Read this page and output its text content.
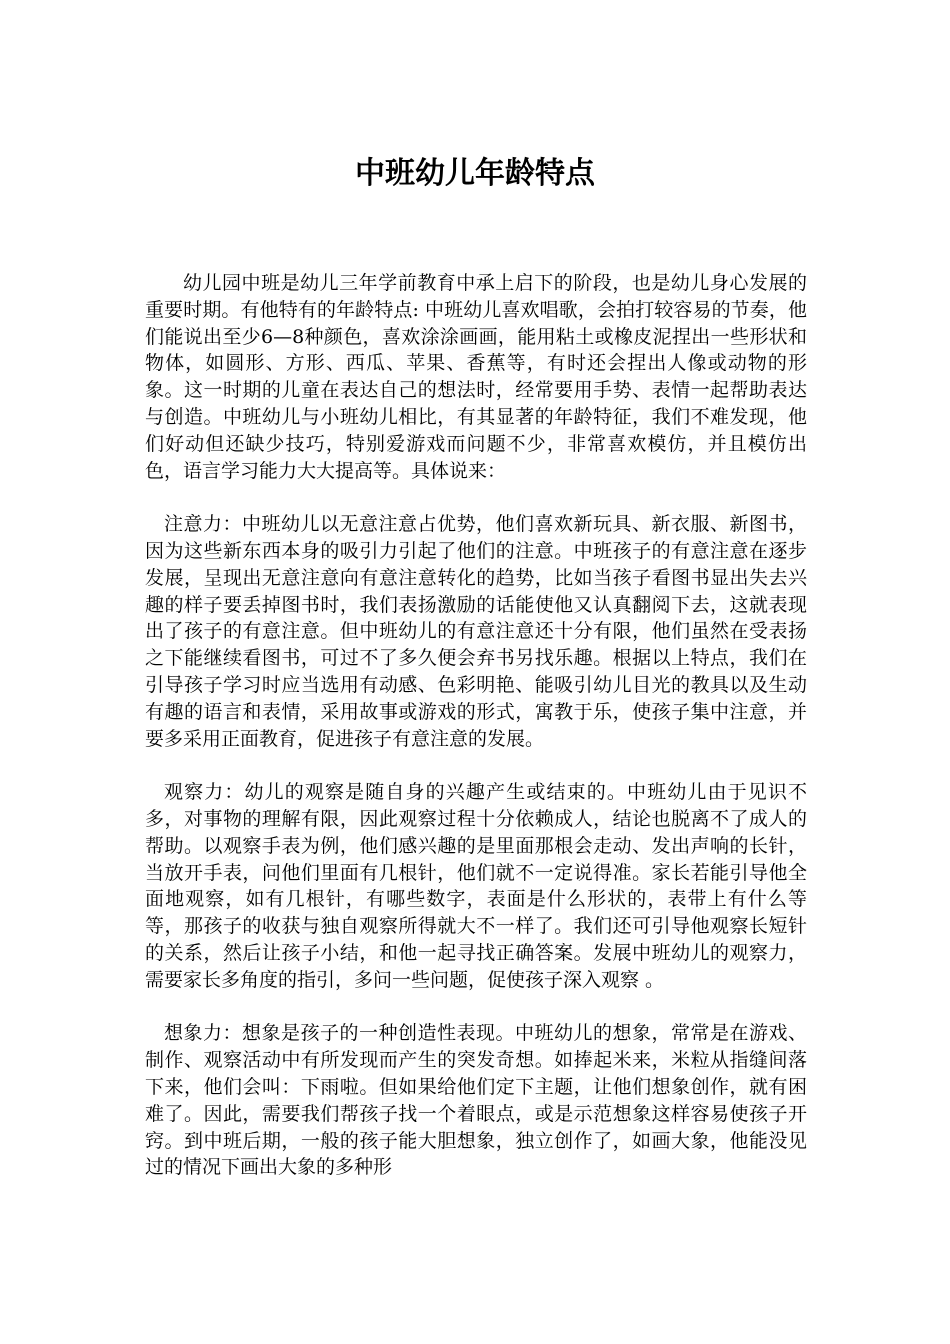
中班幼儿年龄特点

幼儿园中班是幼儿三年学前教育中承上启下的阶段，也是幼儿身心发展的重要时期。有他特有的年龄特点: 中班幼儿喜欢唱歌，会拍打较容易的节奏，他们能说出至少6—8种颜色，喜欢涂涂画画，能用粘土或橡皮泥捏出一些形状和物体，如圆形、方形、西瓜、苹果、香蕉等，有时还会捏出人像或动物的形象。这一时期的儿童在表达自己的想法时，经常要用手势、表情一起帮助表达与创造。中班幼儿与小班幼儿相比，有其显著的年龄特征，我们不难发现，他们好动但还缺少技巧，特别爱游戏而问题不少，非常喜欢模仿，并且模仿出色，语言学习能力大大提高等。具体说来：

注意力：中班幼儿以无意注意占优势，他们喜欢新玩具、新衣服、新图书，因为这些新东西本身的吸引力引起了他们的注意。中班孩子的有意注意在逐步发展，呈现出无意注意向有意注意转化的趋势，比如当孩子看图书显出失去兴趣的样子要丢掉图书时，我们表扬激励的话能使他又认真翻阅下去，这就表现出了孩子的有意注意。但中班幼儿的有意注意还十分有限，他们虽然在受表扬之下能继续看图书，可过不了多久便会弃书另找乐趣。根据以上特点，我们在引导孩子学习时应当选用有动感、色彩明艳、能吸引幼儿目光的教具以及生动有趣的语言和表情，采用故事或游戏的形式，寓教于乐，使孩子集中注意，并要多采用正面教育，促进孩子有意注意的发展。

观察力：幼儿的观察是随自身的兴趣产生或结束的。中班幼儿由于见识不多，对事物的理解有限，因此观察过程十分依赖成人，结论也脱离不了成人的帮助。以观察手表为例，他们感兴趣的是里面那根会走动、发出声响的长针，当放开手表，问他们里面有几根针，他们就不一定说得准。家长若能引导他全面地观察，如有几根针，有哪些数字，表面是什么形状的，表带上有什么等等，那孩子的收获与独自观察所得就大不一样了。我们还可引导他观察长短针的关系，然后让孩子小结，和他一起寻找正确答案。发展中班幼儿的观察力，需要家长多角度的指引，多问一些问题，促使孩子深入观察 。

想象力：想象是孩子的一种创造性表现。中班幼儿的想象，常常是在游戏、制作、观察活动中有所发现而产生的突发奇想。如捧起米来，米粒从指缝间落下来，他们会叫：下雨啦。但如果给他们定下主题，让他们想象创作，就有困难了。因此，需要我们帮孩子找一个着眼点，或是示范想象这样容易使孩子开窍。到中班后期，一般的孩子能大胆想象，独立创作了，如画大象，他能没见过的情况下画出大象的多种形
